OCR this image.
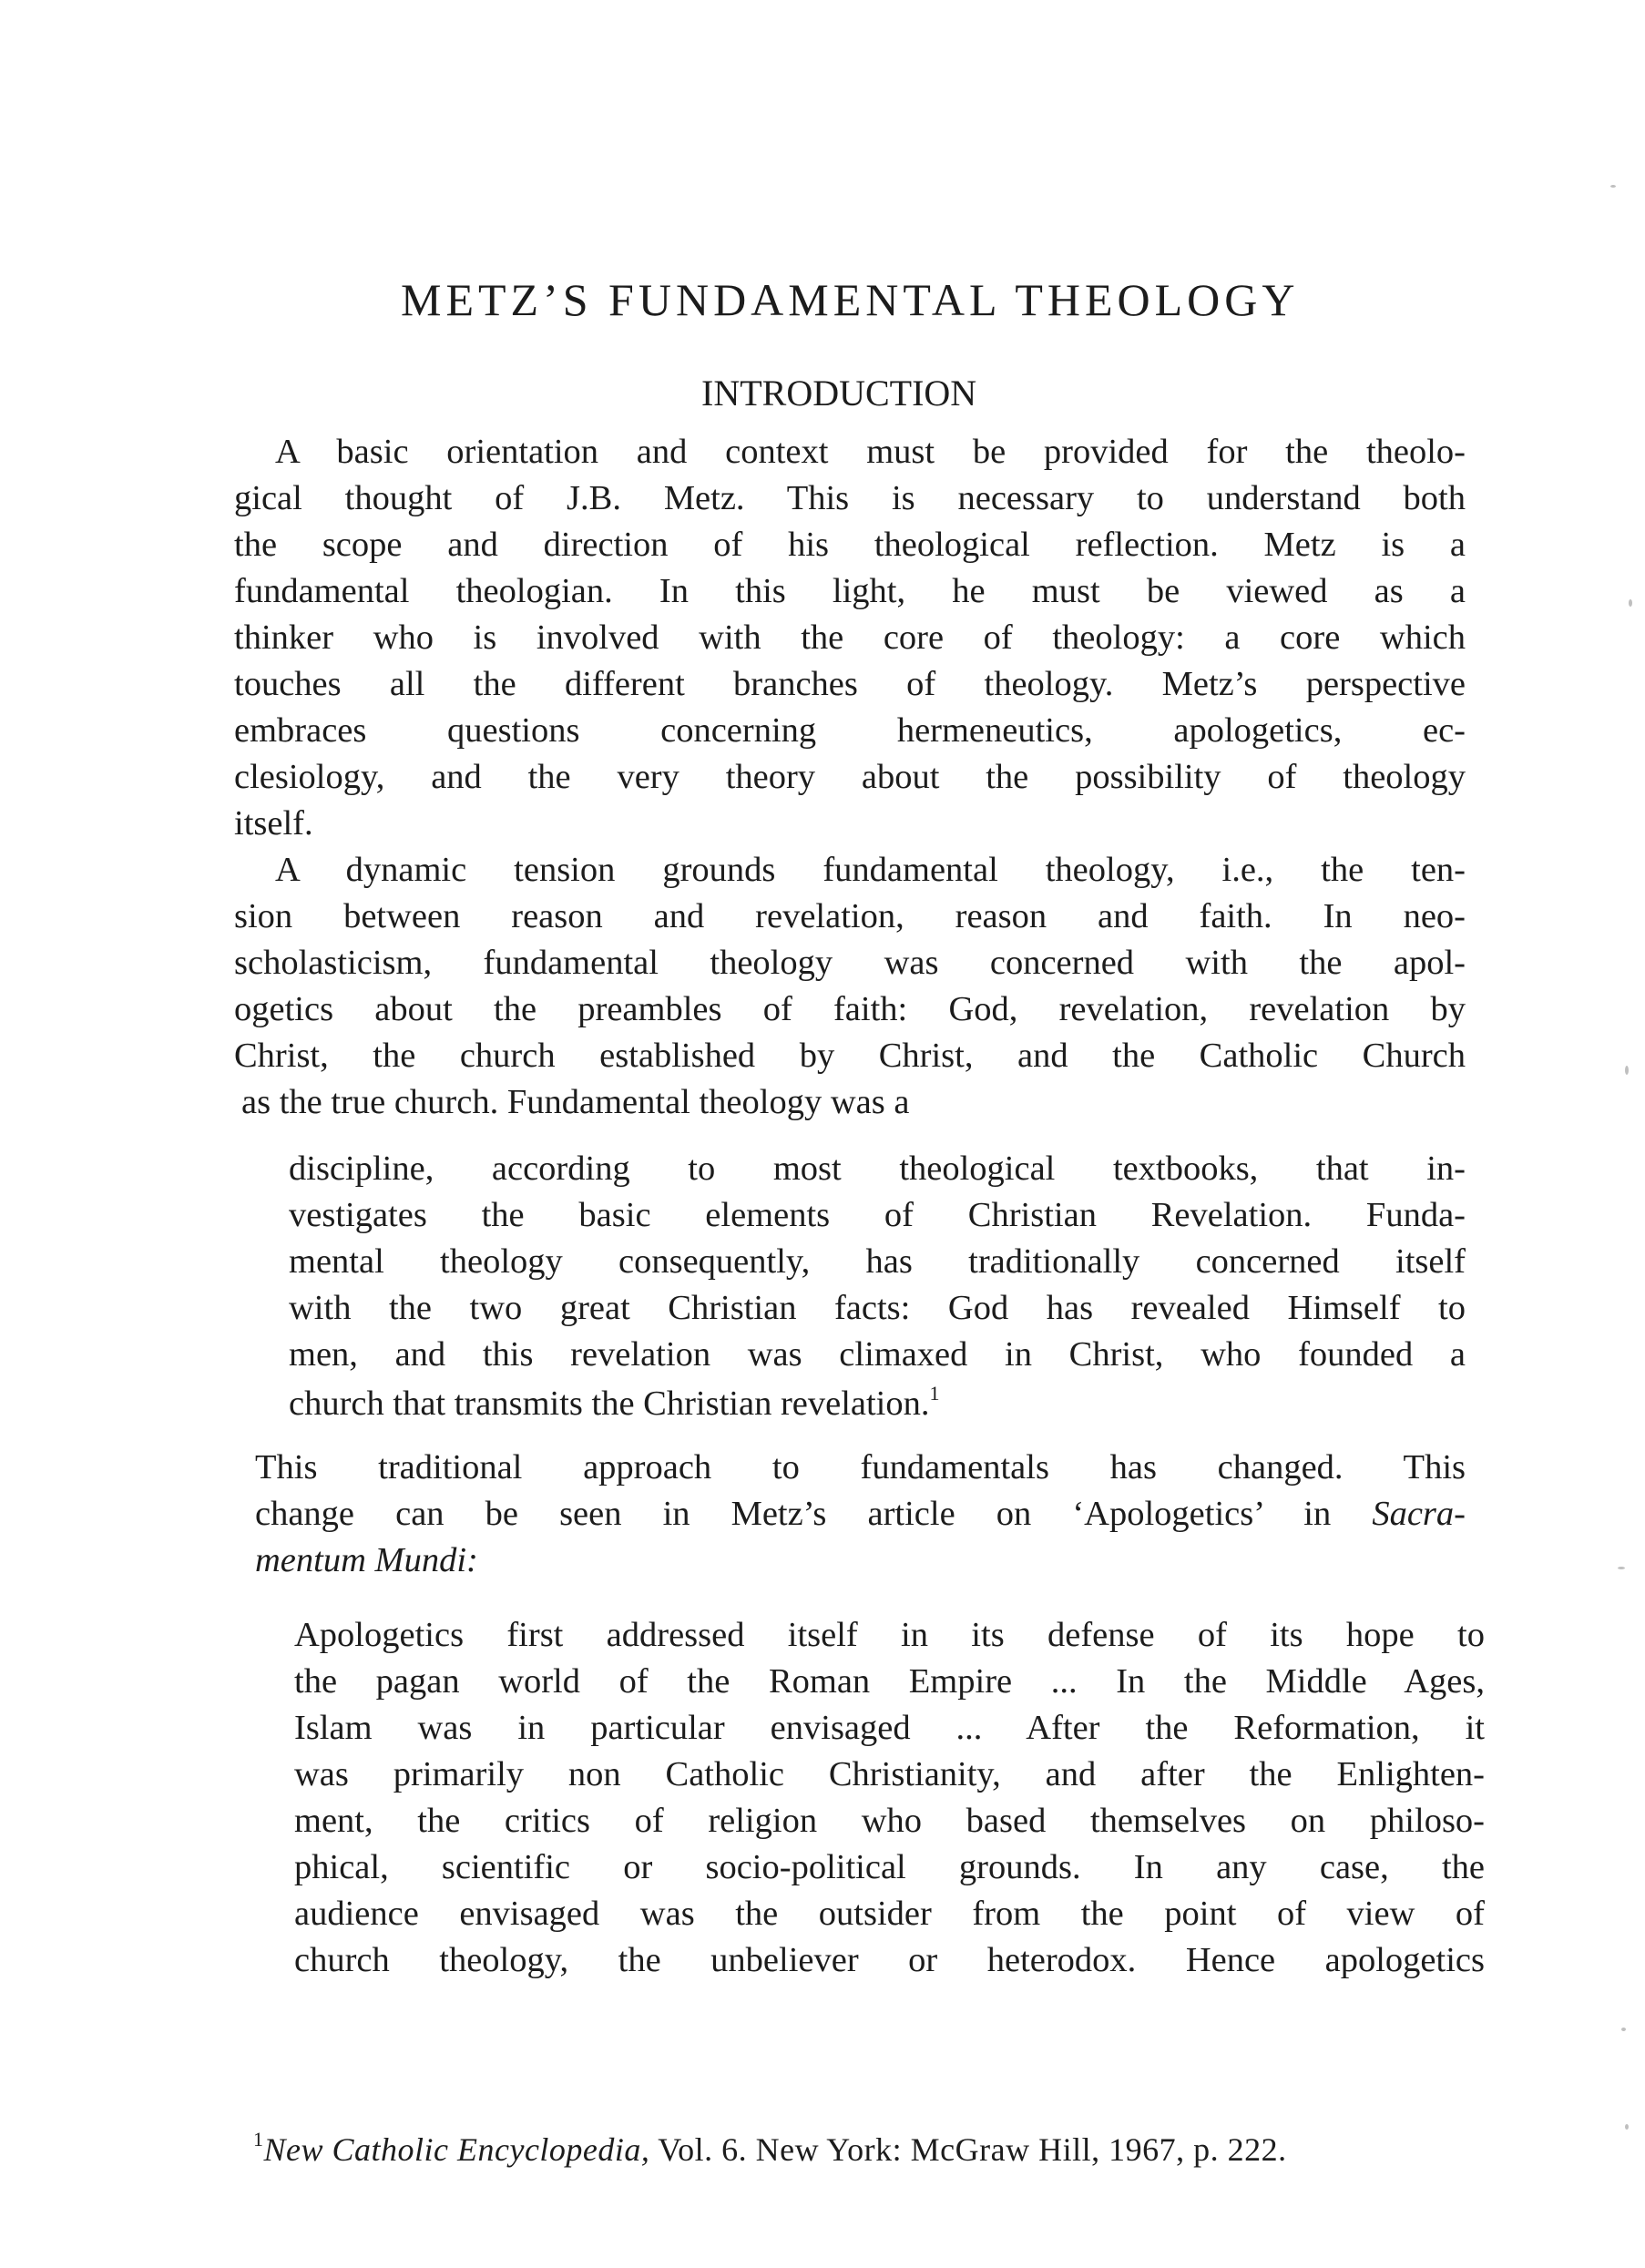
METZ’S FUNDAMENTAL THEOLOGY
INTRODUCTION
A basic orientation and context must be provided for the theolo-
gical thought of J.B. Metz. This is necessary to understand both
the scope and direction of his theological reflection. Metz is a
fundamental theologian. In this light, he must be viewed as a
thinker who is involved with the core of theology: a core which
touches all the different branches of theology. Metz’s perspective
embraces questions concerning hermeneutics, apologetics, ec-
clesiology, and the very theory about the possibility of theology
itself.
A dynamic tension grounds fundamental theology, i.e., the ten-
sion between reason and revelation, reason and faith. In neo-
scholasticism, fundamental theology was concerned with the apol-
ogetics about the preambles of faith: God, revelation, revelation by
Christ, the church established by Christ, and the Catholic Church
as the true church. Fundamental theology was a
discipline, according to most theological textbooks, that in-
vestigates the basic elements of Christian Revelation. Funda-
mental theology consequently, has traditionally concerned itself
with the two great Christian facts: God has revealed Himself to
men, and this revelation was climaxed in Christ, who founded a
church that transmits the Christian revelation.$^1$
This traditional approach to fundamentals has changed. This
change can be seen in Metz’s article on ‘Apologetics’ in Sacra-
mentum Mundi:
Apologetics first addressed itself in its defense of its hope to
the pagan world of the Roman Empire ... In the Middle Ages,
Islam was in particular envisaged ... After the Reformation, it
was primarily non Catholic Christianity, and after the Enlighten-
ment, the critics of religion who based themselves on philoso-
phical, scientific or socio-political grounds. In any case, the
audience envisaged was the outsider from the point of view of
church theology, the unbeliever or heterodox. Hence apologetics
$^1$New Catholic Encyclopedia, Vol. 6. New York: McGraw Hill, 1967, p. 222.
